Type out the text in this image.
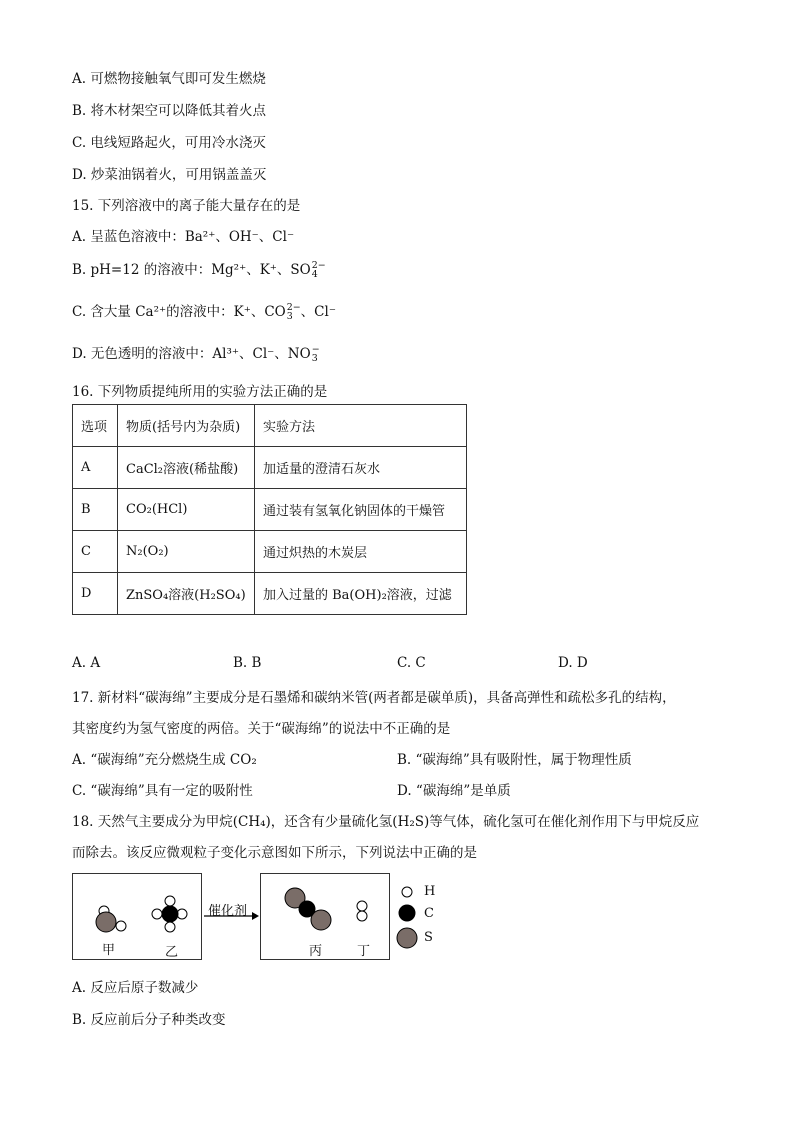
A. 可燃物接触氧气即可发生燃烧
B. 将木材架空可以降低其着火点
C. 电线短路起火，可用冷水浇灭
D. 炒菜油锅着火，可用锅盖盖灭
15. 下列溶液中的离子能大量存在的是
A. 呈蓝色溶液中：Ba²⁺、OH⁻、Cl⁻
B. pH=12 的溶液中：Mg²⁺、K⁺、SO 2−
4
C. 含大量 Ca²⁺的溶液中：K⁺、CO 2−
3 、Cl⁻
D. 无色透明的溶液中：Al³⁺、Cl⁻、NO −
3
16. 下列物质提纯所用的实验方法正确的是
选项	物质(括号内为杂质)	实验方法
A	CaCl₂溶液(稀盐酸)	加适量的澄清石灰水
B	CO₂(HCl)	通过装有氢氧化钠固体的干燥管
C	N₂(O₂)	通过炽热的木炭层
D	ZnSO₄溶液(H₂SO₄)	加入过量的 Ba(OH)₂溶液，过滤
A. A	B. B	C. C	D. D
17. 新材料“碳海绵”主要成分是石墨烯和碳纳米管(两者都是碳单质)，具备高弹性和疏松多孔的结构，
其密度约为氢气密度的两倍。关于“碳海绵”的说法中不正确的是
A. “碳海绵”充分燃烧生成 CO₂	B. “碳海绵”具有吸附性，属于物理性质
C. “碳海绵”具有一定的吸附性	D. “碳海绵”是单质
18. 天然气主要成分为甲烷(CH₄)，还含有少量硫化氢(H₂S)等气体，硫化氢可在催化剂作用下与甲烷反应
而除去。该反应微观粒子变化示意图如下所示，下列说法中正确的是
甲	乙
催化剂
丙	丁
H
C
S
A. 反应后原子数减少
B. 反应前后分子种类改变
